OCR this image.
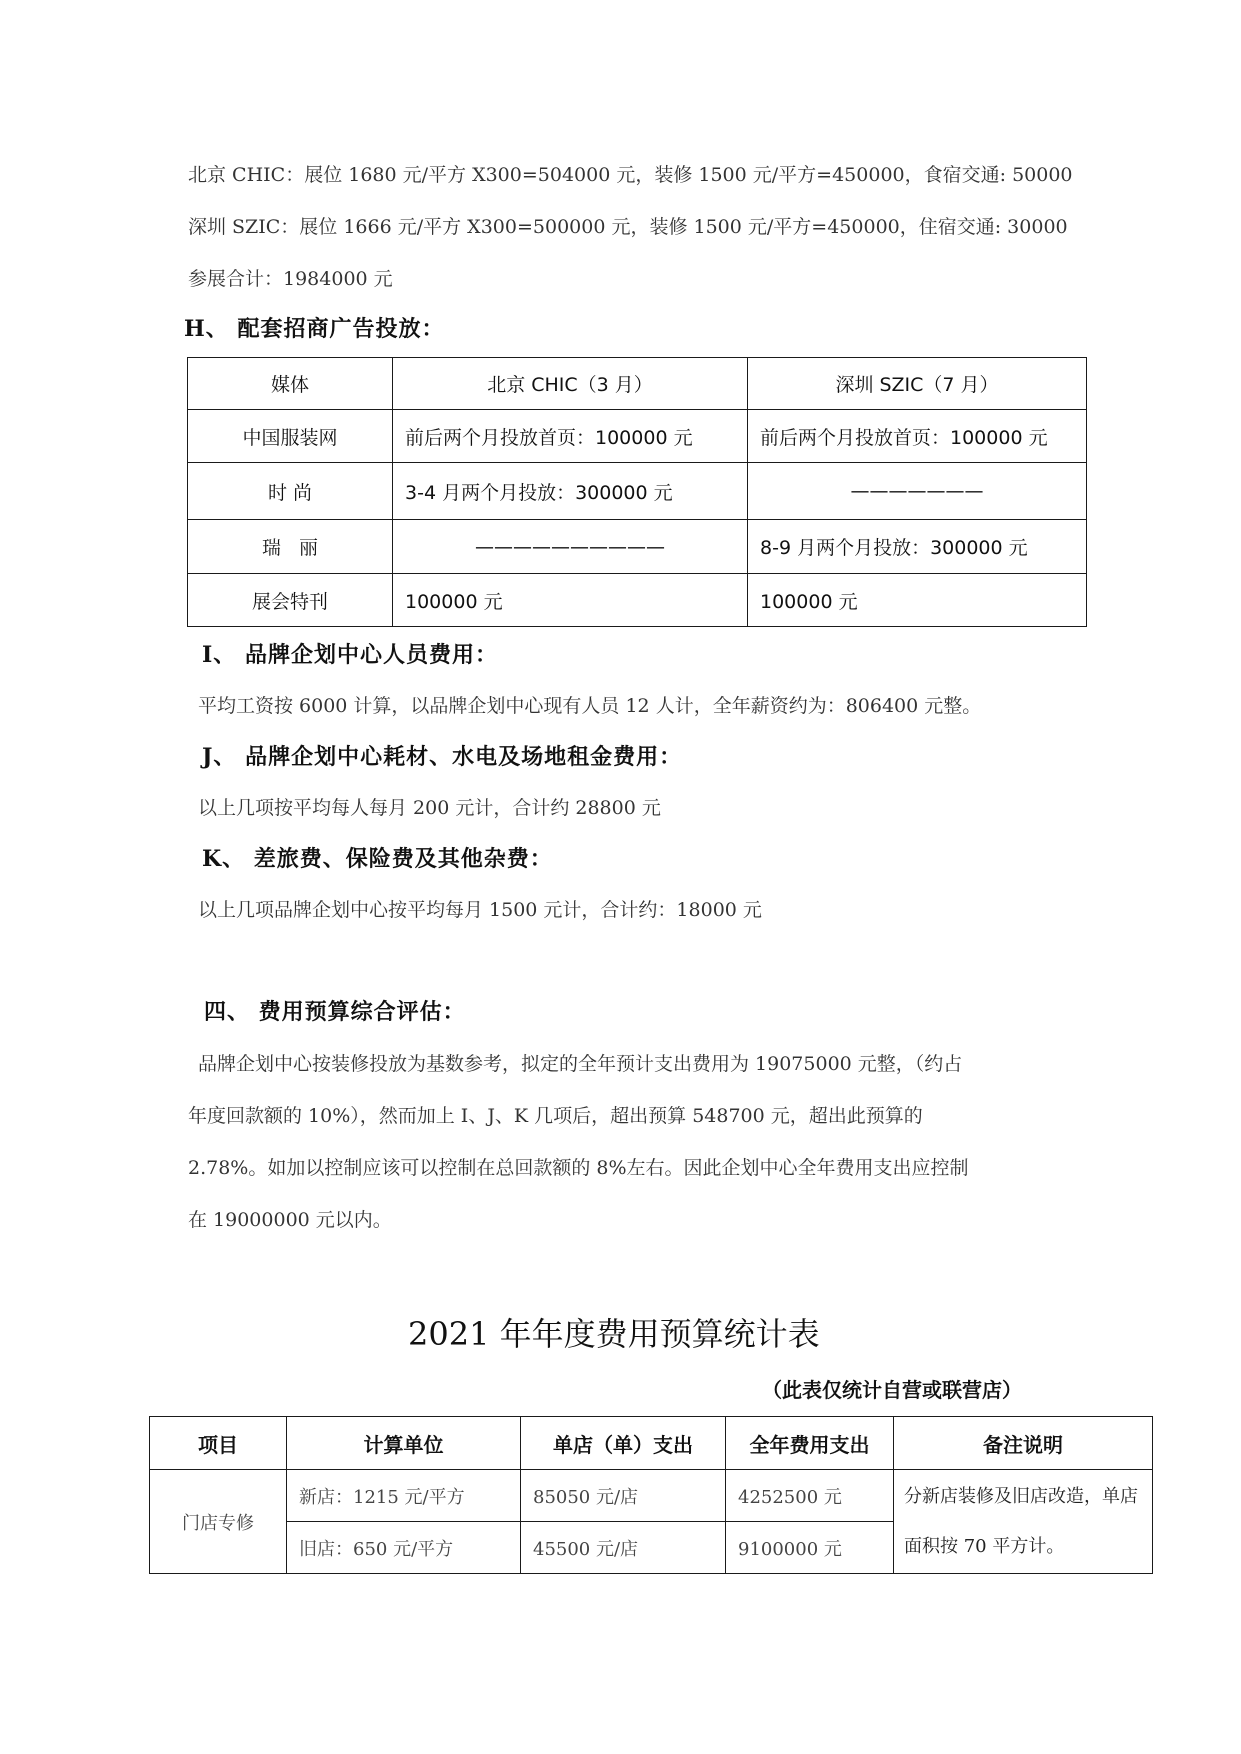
北京 CHIC：展位 1680 元/平方 X300=504000 元，装修 1500 元/平方=450000，食宿交通: 50000
深圳 SZIC：展位 1666 元/平方 X300=500000 元，装修 1500 元/平方=450000，住宿交通: 30000
参展合计：1984000 元
H、 配套招商广告投放：
媒体	北京 CHIC（3 月）	深圳 SZIC（7 月）
中国服装网	前后两个月投放首页：100000 元	前后两个月投放首页：100000 元
时 尚	3-4 月两个月投放：300000 元	———————
瑞   丽	——————————	8-9 月两个月投放：300000 元
展会特刊	100000 元	100000 元
I、 品牌企划中心人员费用：
平均工资按 6000 计算，以品牌企划中心现有人员 12 人计，全年薪资约为：806400 元整。
J、 品牌企划中心耗材、水电及场地租金费用：
以上几项按平均每人每月 200 元计，合计约 28800 元
K、 差旅费、保险费及其他杂费：
以上几项品牌企划中心按平均每月 1500 元计，合计约：18000 元
四、 费用预算综合评估：
品牌企划中心按装修投放为基数参考，拟定的全年预计支出费用为 19075000 元整，（约占
年度回款额的 10%），然而加上 I、J、K 几项后，超出预算 548700 元，超出此预算的
2.78%。如加以控制应该可以控制在总回款额的 8%左右。因此企划中心全年费用支出应控制
在 19000000 元以内。
2021 年年度费用预算统计表
（此表仅统计自营或联营店）
项目	计算单位	单店（单）支出	全年费用支出	备注说明
门店专修	新店：1215 元/平方	85050 元/店	4252500 元	分新店装修及旧店改造，单店面积按 70 平方计。
	旧店：650 元/平方	45500 元/店	9100000 元	
